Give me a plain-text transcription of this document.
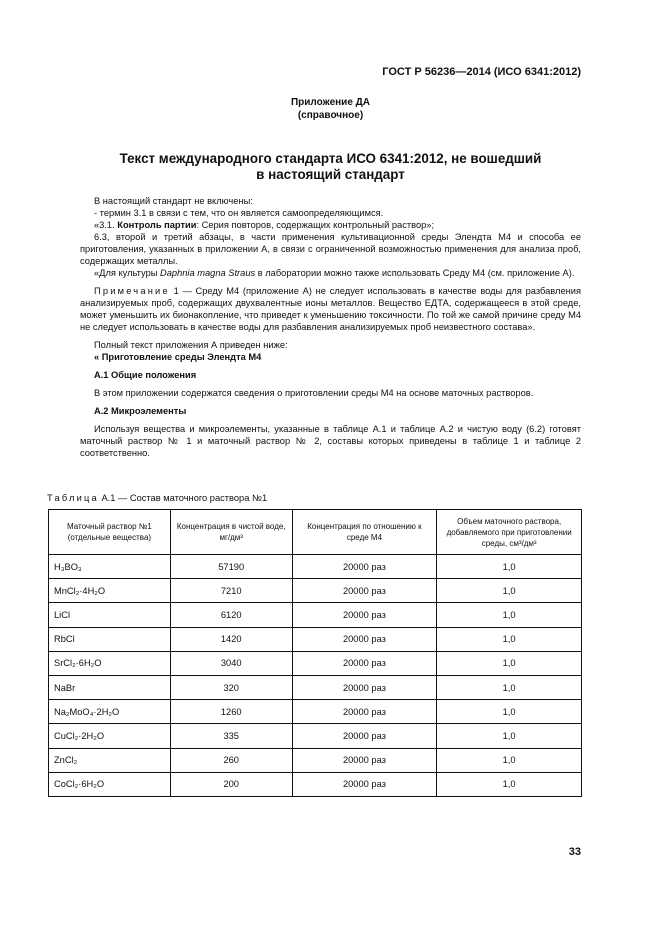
ГОСТ Р 56236—2014 (ИСО 6341:2012)
Приложение ДА
(справочное)
Текст международного стандарта ИСО 6341:2012, не вошедший
в настоящий стандарт

В настоящий стандарт не включены:

- термин 3.1 в связи с тем, что он является самоопределяющимся.

«3.1. Контроль партии: Серия повторов, содержащих контрольный раствор»;

6.3, второй и третий абзацы, в части применения культивационной среды Элендта М4 и способа ее приготовления, указанных в приложении А, в связи с ограниченной возможностью применения для анализа проб, содержащих металлы.

«Для культуры Daphnia magna Straus в лаборатории можно также использовать Среду М4 (см. приложение А).

Примечание 1 — Среду М4 (приложение А) не следует использовать в качестве воды для разбавления анализируемых проб, содержащих двухвалентные ионы металлов. Вещество ЕДТА, содержащееся в этой среде, может уменьшить их бионакопление, что приведет к уменьшению токсичности. По той же самой причине среду М4 не следует использовать в качестве воды для разбавления анализируемых проб неизвестного состава».

Полный текст приложения А приведен ниже:

« Приготовление среды Элендта М4

А.1 Общие положения

В этом приложении содержатся сведения о приготовлении среды М4 на основе маточных растворов.

А.2 Микроэлементы

Используя вещества и микроэлементы, указанные в таблице А.1 и таблице А.2 и чистую воду (6.2) готовят маточный раствор № 1 и маточный раствор № 2, составы которых приведены в таблице 1 и таблице 2 соответственно.

Таблица А.1 — Состав маточного раствора №1
Маточный раствор №1 (отдельные вещества)	Концентрация в чистой воде, мг/дм³	Концентрация по отношению к среде М4	Объем маточного раствора, добавляемого при приготовлении среды, см³/дм³
H₃BO₃	57190	20000 раз	1,0
MnCl₂·4H₂O	7210	20000 раз	1,0
LiCl	6120	20000 раз	1,0
RbCl	1420	20000 раз	1,0
SrCl₂·6H₂O	3040	20000 раз	1,0
NaBr	320	20000 раз	1,0
Na₂MoO₄·2H₂O	1260	20000 раз	1,0
CuCl₂·2H₂O	335	20000 раз	1,0
ZnCl₂	260	20000 раз	1,0
CoCl₂·6H₂O	200	20000 раз	1,0
33
